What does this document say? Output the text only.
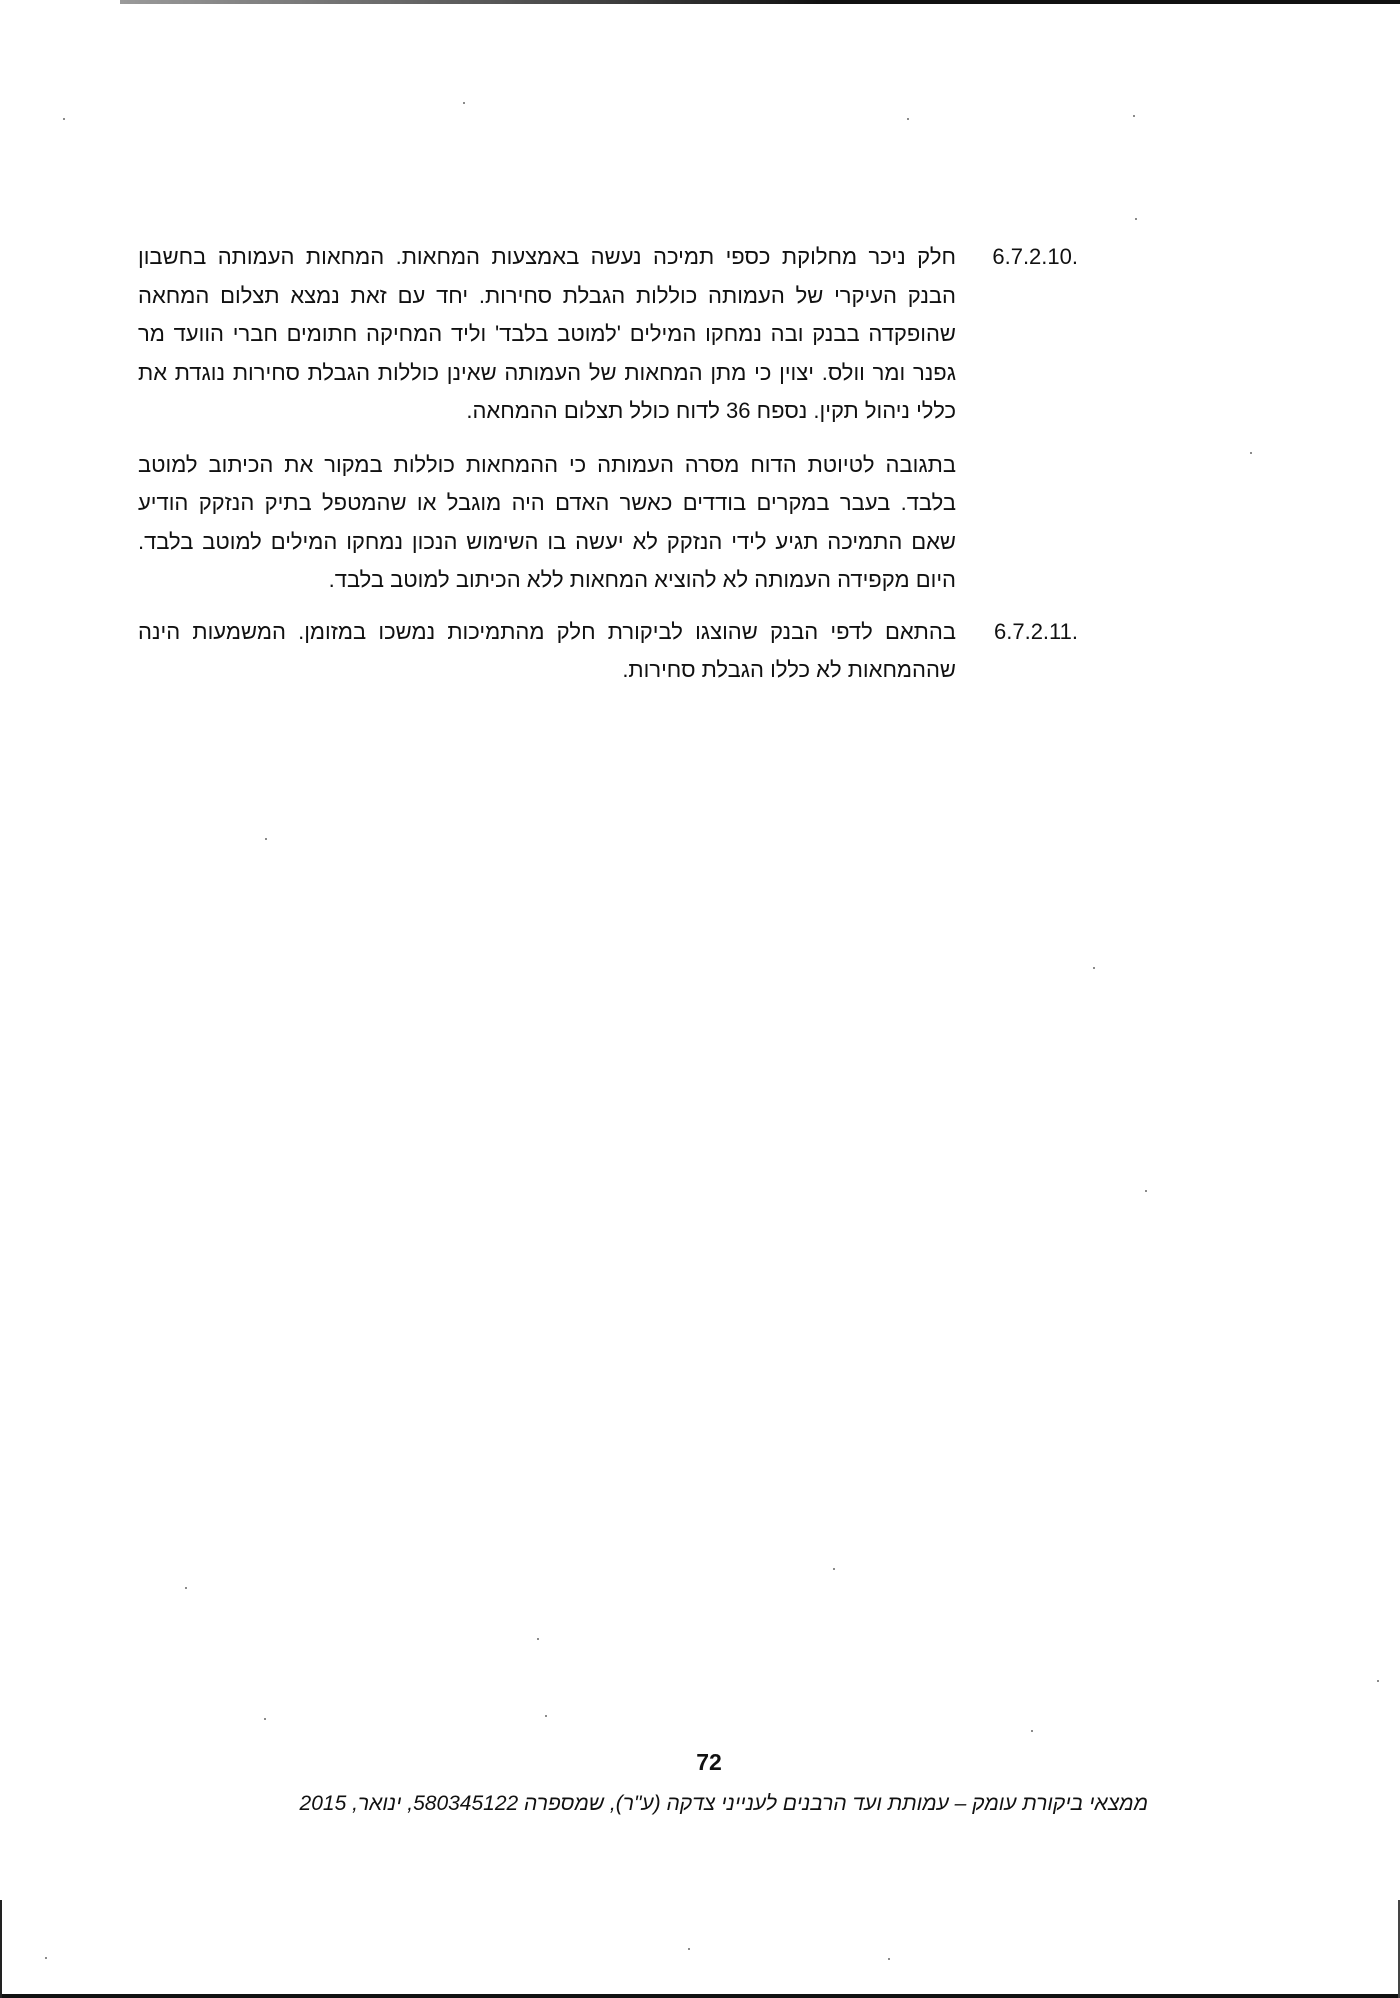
6.7.2.10.

חלק ניכר מחלוקת כספי תמיכה נעשה באמצעות המחאות. המחאות העמותה בחשבון הבנק העיקרי של העמותה כוללות הגבלת סחירות. יחד עם זאת נמצא תצלום המחאה שהופקדה בבנק ובה נמחקו המילים 'למוטב בלבד' וליד המחיקה חתומים חברי הוועד מר גפנר ומר וולס. יצוין כי מתן המחאות של העמותה שאינן כוללות הגבלת סחירות נוגדת את כללי ניהול תקין. נספח 36 לדוח כולל תצלום ההמחאה.

בתגובה לטיוטת הדוח מסרה העמותה כי ההמחאות כוללות במקור את הכיתוב למוטב בלבד. בעבר במקרים בודדים כאשר האדם היה מוגבל או שהמטפל בתיק הנזקק הודיע שאם התמיכה תגיע לידי הנזקק לא יעשה בו השימוש הנכון נמחקו המילים למוטב בלבד. היום מקפידה העמותה לא להוציא המחאות ללא הכיתוב למוטב בלבד.

6.7.2.11.

בהתאם לדפי הבנק שהוצגו לביקורת חלק מהתמיכות נמשכו במזומן. המשמעות הינה שההמחאות לא כללו הגבלת סחירות.

72
ממצאי ביקורת עומק – עמותת ועד הרבנים לענייני צדקה (ע"ר), שמספרה 580345122, ינואר, 2015
